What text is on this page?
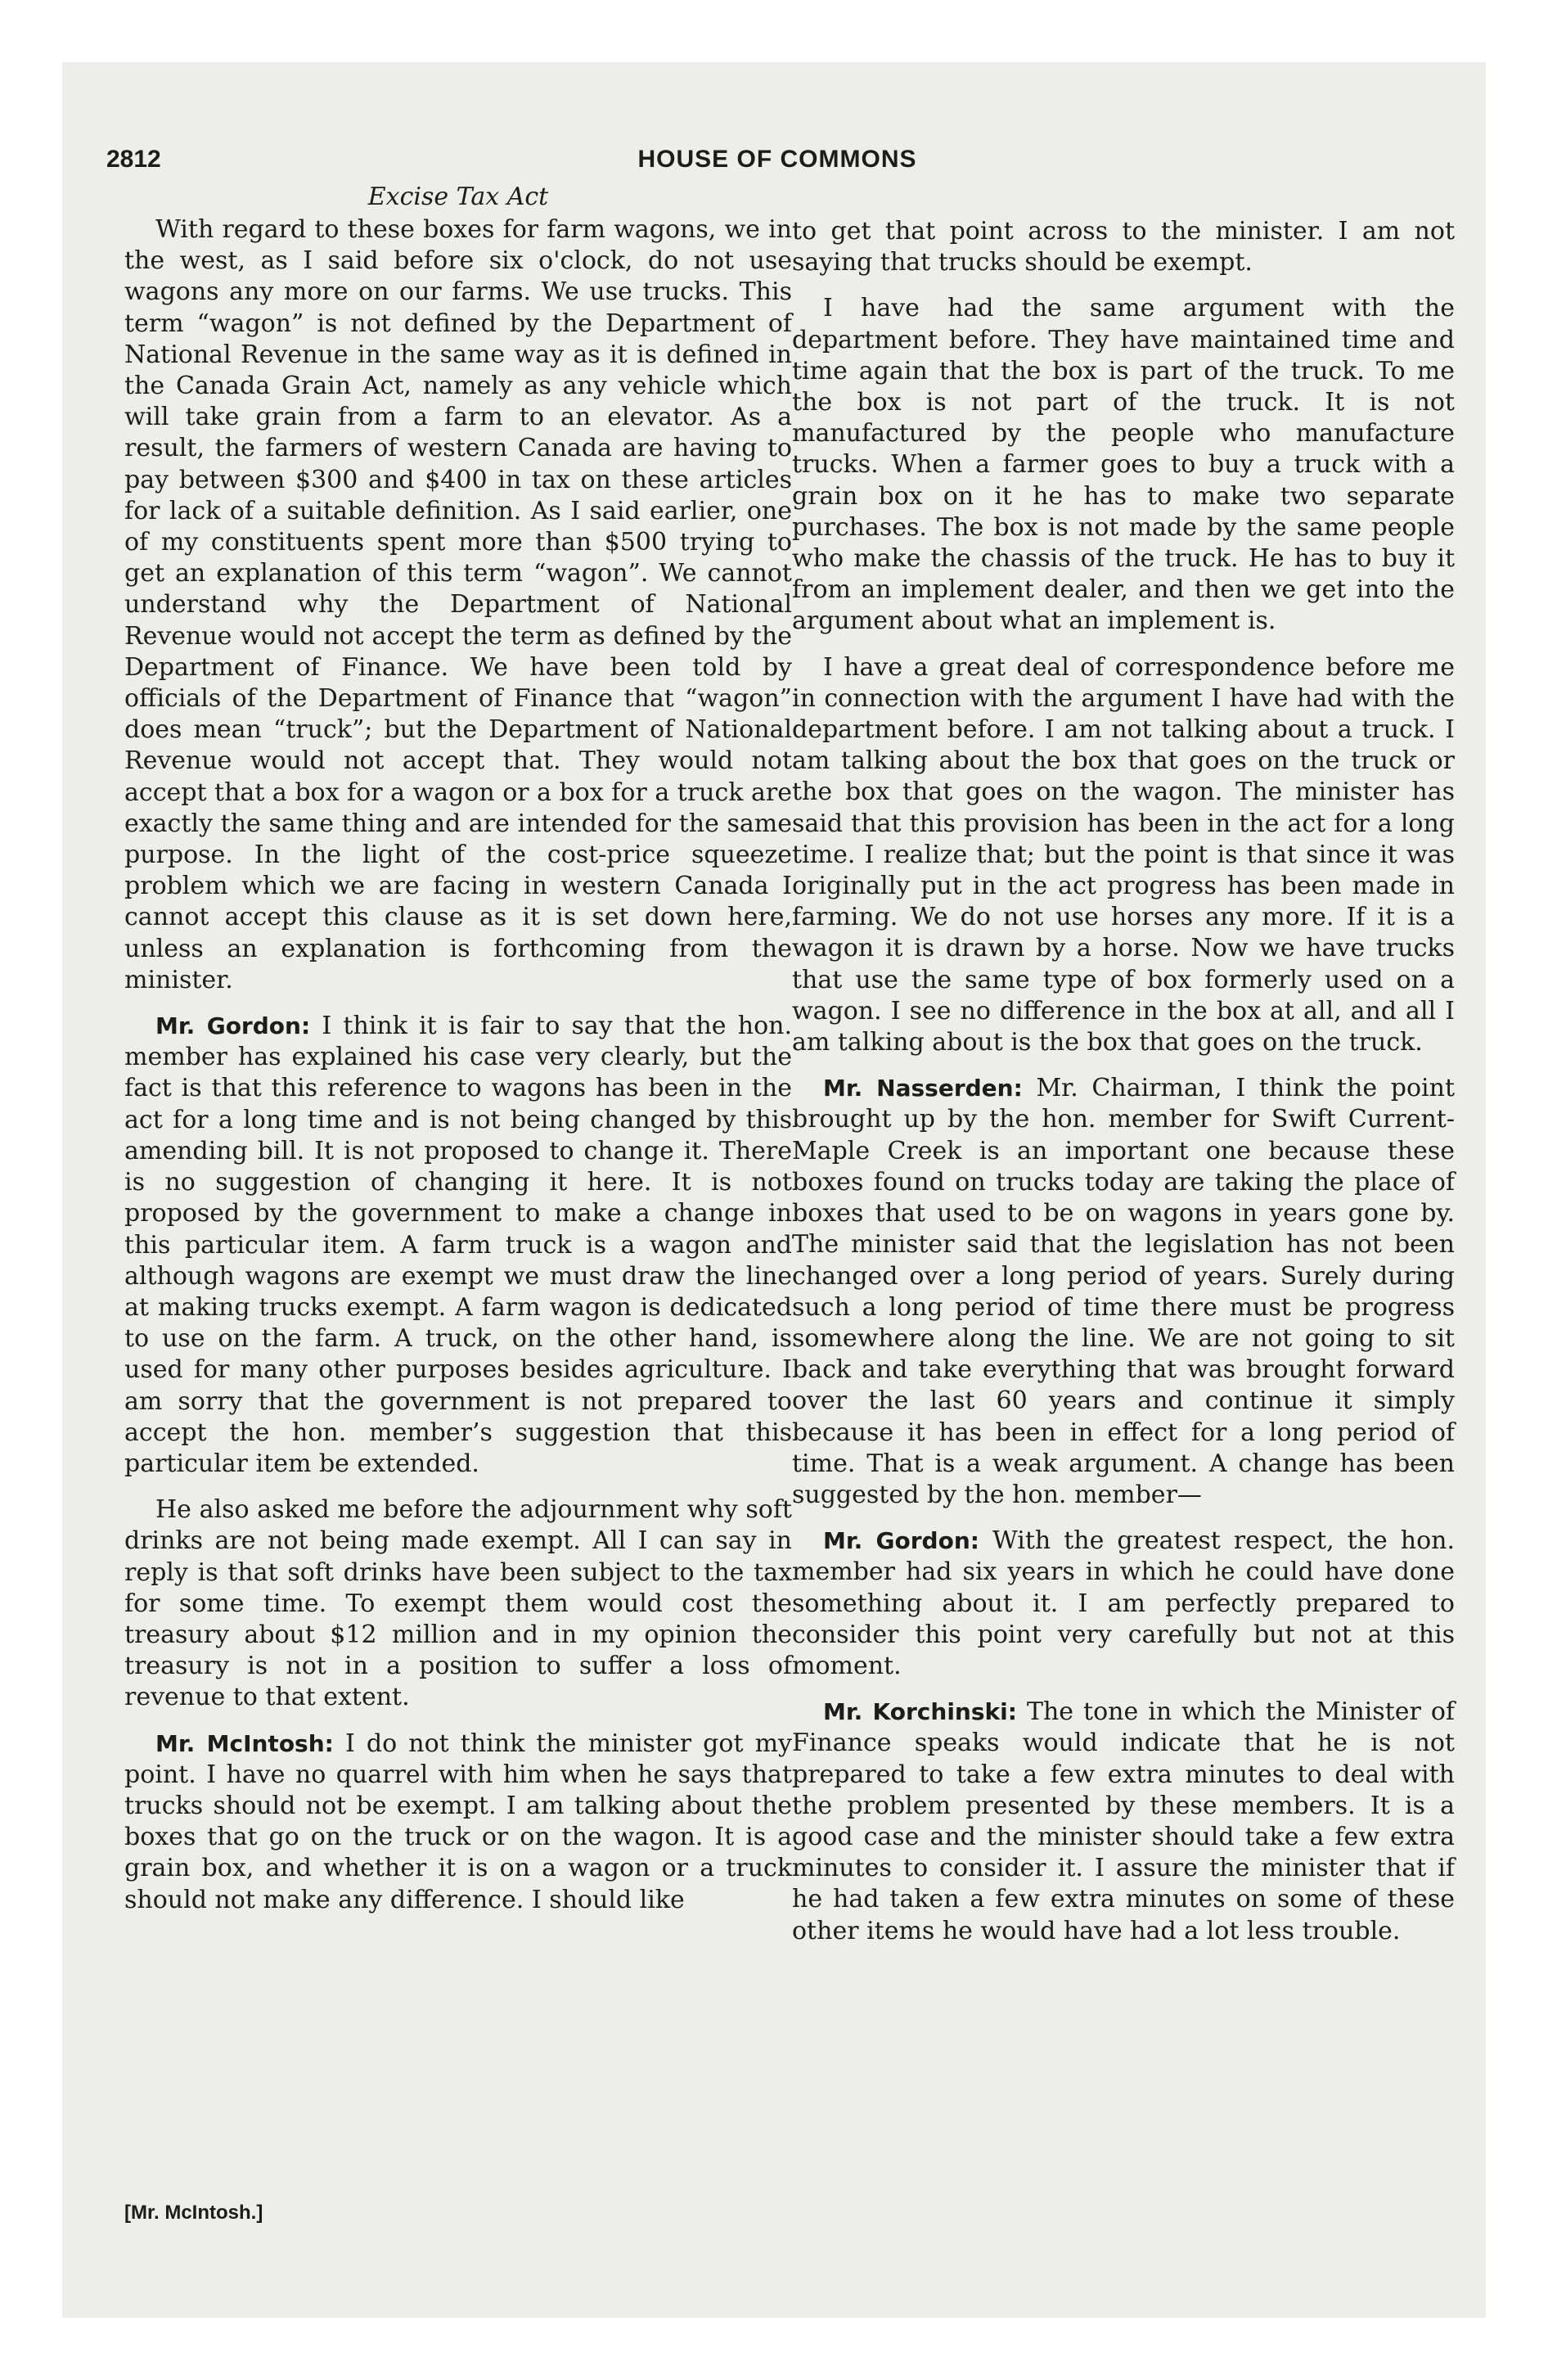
2812	HOUSE OF COMMONS
Excise Tax Act

With regard to these boxes for farm wagons, we in the west, as I said before six o'clock, do not use wagons any more on our farms. We use trucks. This term “wagon” is not defined by the Department of National Revenue in the same way as it is defined in the Canada Grain Act, namely as any vehicle which will take grain from a farm to an elevator. As a result, the farmers of western Canada are having to pay between $300 and $400 in tax on these articles for lack of a suitable definition. As I said earlier, one of my constituents spent more than $500 trying to get an explanation of this term “wagon”. We cannot understand why the Department of National Revenue would not accept the term as defined by the Department of Finance. We have been told by officials of the Department of Finance that “wagon” does mean “truck”; but the Department of National Revenue would not accept that. They would not accept that a box for a wagon or a box for a truck are exactly the same thing and are intended for the same purpose. In the light of the cost-price squeeze problem which we are facing in western Canada I cannot accept this clause as it is set down here, unless an explanation is forthcoming from the minister.

Mr. Gordon: I think it is fair to say that the hon. member has explained his case very clearly, but the fact is that this reference to wagons has been in the act for a long time and is not being changed by this amending bill. It is not proposed to change it. There is no suggestion of changing it here. It is not proposed by the government to make a change in this particular item. A farm truck is a wagon and although wagons are exempt we must draw the line at making trucks exempt. A farm wagon is dedicated to use on the farm. A truck, on the other hand, is used for many other purposes besides agriculture. I am sorry that the government is not prepared to accept the hon. member’s suggestion that this particular item be extended.

He also asked me before the adjournment why soft drinks are not being made exempt. All I can say in reply is that soft drinks have been subject to the tax for some time. To exempt them would cost the treasury about $12 million and in my opinion the treasury is not in a position to suffer a loss of revenue to that extent.

Mr. McIntosh: I do not think the minister got my point. I have no quarrel with him when he says that trucks should not be exempt. I am talking about the boxes that go on the truck or on the wagon. It is a grain box, and whether it is on a wagon or a truck should not make any difference. I should like

to get that point across to the minister. I am not saying that trucks should be exempt.

I have had the same argument with the department before. They have maintained time and time again that the box is part of the truck. To me the box is not part of the truck. It is not manufactured by the people who manufacture trucks. When a farmer goes to buy a truck with a grain box on it he has to make two separate purchases. The box is not made by the same people who make the chassis of the truck. He has to buy it from an implement dealer, and then we get into the argument about what an implement is.

I have a great deal of correspondence before me in connection with the argument I have had with the department before. I am not talking about a truck. I am talking about the box that goes on the truck or the box that goes on the wagon. The minister has said that this provision has been in the act for a long time. I realize that; but the point is that since it was originally put in the act progress has been made in farming. We do not use horses any more. If it is a wagon it is drawn by a horse. Now we have trucks that use the same type of box formerly used on a wagon. I see no difference in the box at all, and all I am talking about is the box that goes on the truck.

Mr. Nasserden: Mr. Chairman, I think the point brought up by the hon. member for Swift Current-Maple Creek is an important one because these boxes found on trucks today are taking the place of boxes that used to be on wagons in years gone by. The minister said that the legislation has not been changed over a long period of years. Surely during such a long period of time there must be progress somewhere along the line. We are not going to sit back and take everything that was brought forward over the last 60 years and continue it simply because it has been in effect for a long period of time. That is a weak argument. A change has been suggested by the hon. member—

Mr. Gordon: With the greatest respect, the hon. member had six years in which he could have done something about it. I am perfectly prepared to consider this point very carefully but not at this moment.

Mr. Korchinski: The tone in which the Minister of Finance speaks would indicate that he is not prepared to take a few extra minutes to deal with the problem presented by these members. It is a good case and the minister should take a few extra minutes to consider it. I assure the minister that if he had taken a few extra minutes on some of these other items he would have had a lot less trouble.

[Mr. McIntosh.]
